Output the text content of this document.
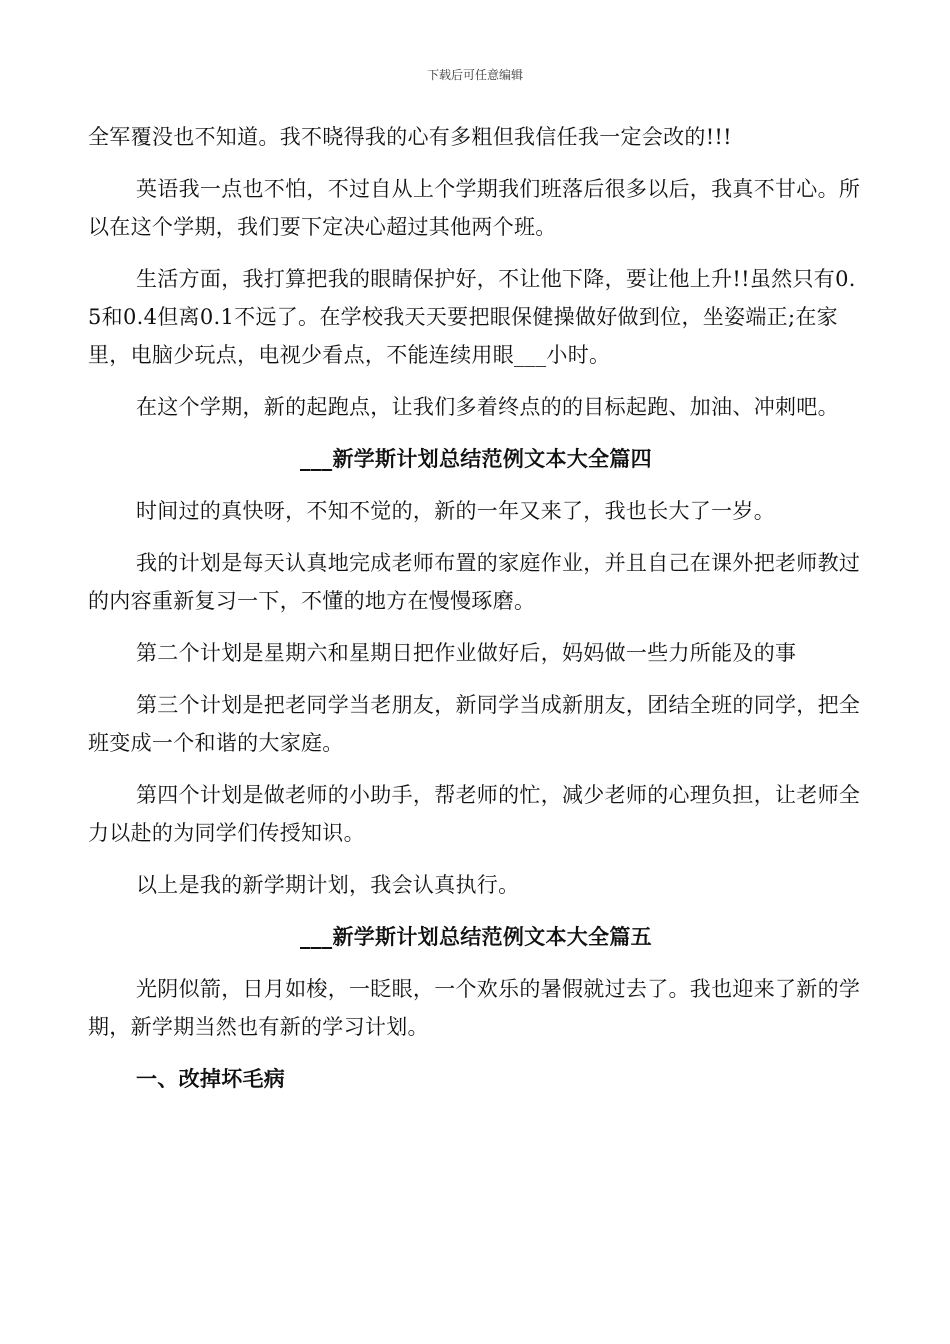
下载后可任意编辑

全军覆没也不知道。我不晓得我的心有多粗但我信任我一定会改的!!!

英语我一点也不怕，不过自从上个学期我们班落后很多以后，我真不甘心。所以在这个学期，我们要下定决心超过其他两个班。

生活方面，我打算把我的眼睛保护好，不让他下降，要让他上升!!虽然只有0.5和0.4但离0.1不远了。在学校我天天要把眼保健操做好做到位，坐姿端正;在家里，电脑少玩点，电视少看点，不能连续用眼___小时。

在这个学期，新的起跑点，让我们多着终点的的目标起跑、加油、冲刺吧。

___新学斯计划总结范例文本大全篇四

时间过的真快呀，不知不觉的，新的一年又来了，我也长大了一岁。

我的计划是每天认真地完成老师布置的家庭作业，并且自己在课外把老师教过的内容重新复习一下，不懂的地方在慢慢琢磨。

第二个计划是星期六和星期日把作业做好后，妈妈做一些力所能及的事

第三个计划是把老同学当老朋友，新同学当成新朋友，团结全班的同学，把全班变成一个和谐的大家庭。

第四个计划是做老师的小助手，帮老师的忙，减少老师的心理负担，让老师全力以赴的为同学们传授知识。

以上是我的新学期计划，我会认真执行。

___新学斯计划总结范例文本大全篇五

光阴似箭，日月如梭，一眨眼，一个欢乐的暑假就过去了。我也迎来了新的学期，新学期当然也有新的学习计划。

一、改掉坏毛病
